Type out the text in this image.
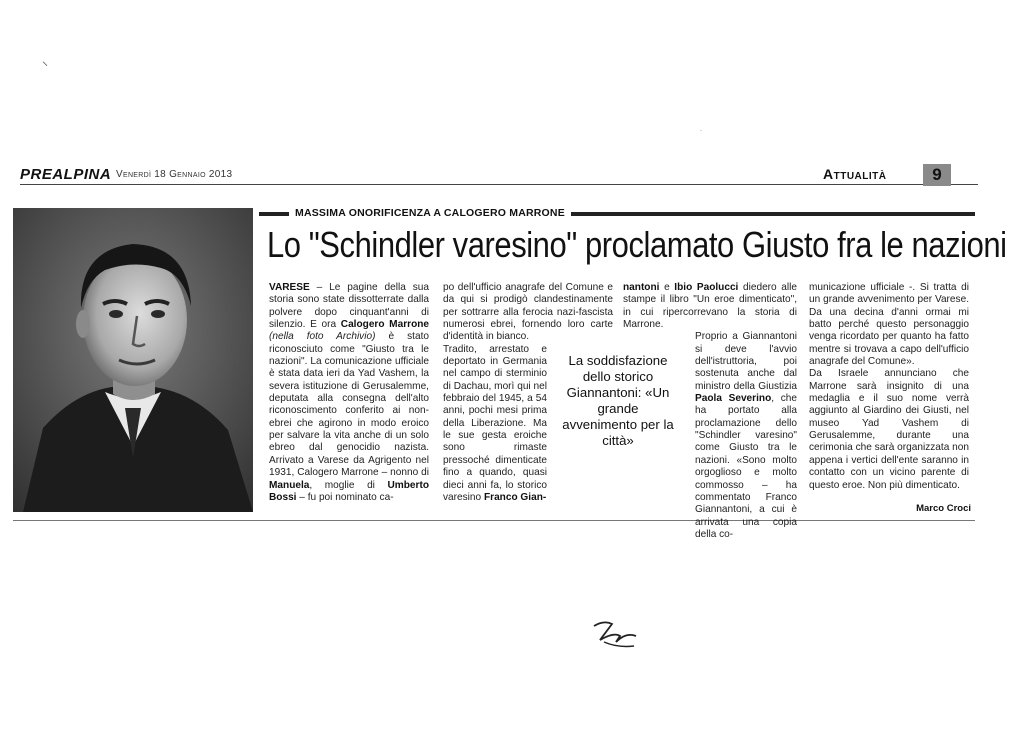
⸜
·
PREALPINA Venerdì 18 Gennaio 2013	Attualità	9
MASSIMA ONORIFICENZA A CALOGERO MARRONE
Lo "Schindler varesino" proclamato Giusto fra le nazioni

VARESE – Le pagine della sua storia sono state dissotterrate dalla polvere dopo cinquant'anni di silenzio. E ora Calogero Marrone (nella foto Archivio) è stato riconosciuto come "Giusto tra le nazioni". La comunicazione ufficiale è stata data ieri da Yad Vashem, la severa istituzione di Gerusalemme, deputata alla consegna dell'alto riconoscimento conferito ai non-ebrei che agirono in modo eroico per salvare la vita anche di un solo ebreo dal genocidio nazista. Arrivato a Varese da Agrigento nel 1931, Calogero Marrone – nonno di Manuela, moglie di Umberto Bossi – fu poi nominato ca-

po dell'ufficio anagrafe del Comune e da qui si prodigò clandestinamente per sottrarre alla ferocia nazi-fascista numerosi ebrei, fornendo loro carte d'identità in bianco.

Tradito, arrestato e deportato in Germania nel campo di sterminio di Dachau, morì qui nel febbraio del 1945, a 54 anni, pochi mesi prima della Liberazione. Ma le sue gesta eroiche sono rimaste pressoché dimenticate fino a quando, quasi dieci anni fa, lo storico varesino Franco Gian-

La soddisfazione dello storico Giannantoni: «Un grande avvenimento per la città»

nantoni e Ibio Paolucci diedero alle stampe il libro "Un eroe dimenticato", in cui ripercorrevano la storia di Marrone.

Proprio a Giannantoni si deve l'avvio dell'istruttoria, poi sostenuta anche dal ministro della Giustizia Paola Severino, che ha portato alla proclamazione dello "Schindler varesino" come Giusto tra le nazioni. «Sono molto orgoglioso e molto commosso – ha commentato Franco Giannantoni, a cui è arrivata una copia della co-

municazione ufficiale -. Si tratta di un grande avvenimento per Varese. Da una decina d'anni ormai mi batto perché questo personaggio venga ricordato per quanto ha fatto mentre si trovava a capo dell'ufficio anagrafe del Comune».

Da Israele annunciano che Marrone sarà insignito di una medaglia e il suo nome verrà aggiunto al Giardino dei Giusti, nel museo Yad Vashem di Gerusalemme, durante una cerimonia che sarà organizzata non appena i vertici dell'ente saranno in contatto con un vicino parente di questo eroe. Non più dimenticato.

Marco Croci
